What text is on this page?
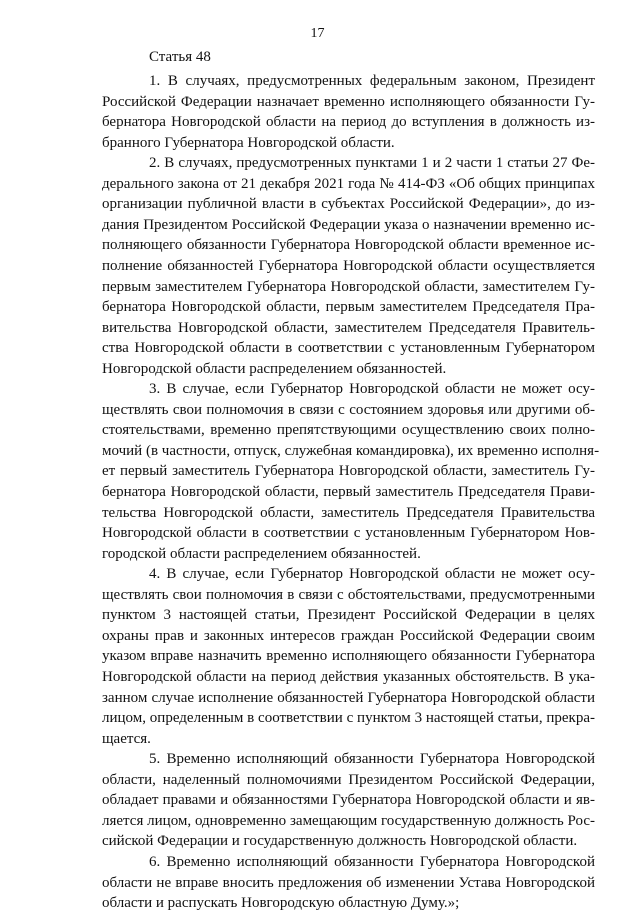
17
Статья 48
1. В случаях, предусмотренных федеральным законом, Президент
Российской Федерации назначает временно исполняющего обязанности Гу-
бернатора Новгородской области на период до вступления в должность из-
бранного Губернатора Новгородской области.
2. В случаях, предусмотренных пунктами 1 и 2 части 1 статьи 27 Фе-
дерального закона от 21 декабря 2021 года № 414-ФЗ «Об общих принципах
организации публичной власти в субъектах Российской Федерации», до из-
дания Президентом Российской Федерации указа о назначении временно ис-
полняющего обязанности Губернатора Новгородской области временное ис-
полнение обязанностей Губернатора Новгородской области осуществляется
первым заместителем Губернатора Новгородской области, заместителем Гу-
бернатора Новгородской области, первым заместителем Председателя Пра-
вительства Новгородской области, заместителем Председателя Правитель-
ства Новгородской области в соответствии с установленным Губернатором
Новгородской области распределением обязанностей.
3. В случае, если Губернатор Новгородской области не может осу-
ществлять свои полномочия в связи с состоянием здоровья или другими об-
стоятельствами, временно препятствующими осуществлению своих полно-
мочий (в частности, отпуск, служебная командировка), их временно исполня-
ет первый заместитель Губернатора Новгородской области, заместитель Гу-
бернатора Новгородской области, первый заместитель Председателя Прави-
тельства Новгородской области, заместитель Председателя Правительства
Новгородской области в соответствии с установленным Губернатором Нов-
городской области распределением обязанностей.
4. В случае, если Губернатор Новгородской области не может осу-
ществлять свои полномочия в связи с обстоятельствами, предусмотренными
пунктом 3 настоящей статьи, Президент Российской Федерации в целях
охраны прав и законных интересов граждан Российской Федерации своим
указом вправе назначить временно исполняющего обязанности Губернатора
Новгородской области на период действия указанных обстоятельств. В ука-
занном случае исполнение обязанностей Губернатора Новгородской области
лицом, определенным в соответствии с пунктом 3 настоящей статьи, прекра-
щается.
5. Временно исполняющий обязанности Губернатора Новгородской
области, наделенный полномочиями Президентом Российской Федерации,
обладает правами и обязанностями Губернатора Новгородской области и яв-
ляется лицом, одновременно замещающим государственную должность Рос-
сийской Федерации и государственную должность Новгородской области.
6. Временно исполняющий обязанности Губернатора Новгородской
области не вправе вносить предложения об изменении Устава Новгородской
области и распускать Новгородскую областную Думу.»;
